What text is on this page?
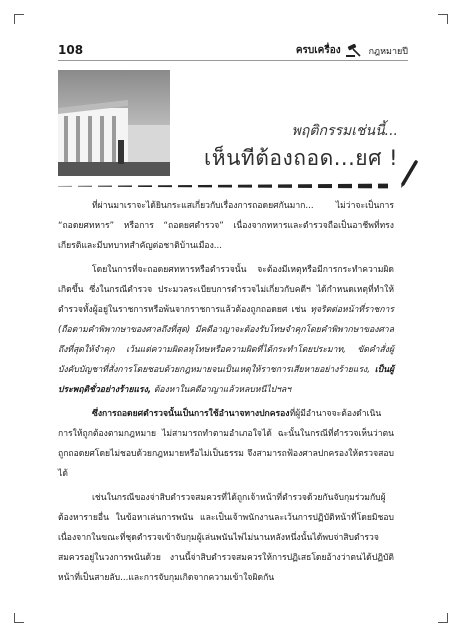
108	ครบเครื่อง	กฎหมายปี
พฤติกรรมเช่นนี้...
เห็นทีต้องถอด...ยศ !

ที่ผ่านมาเราจะได้ยินกระแสเกี่ยวกับเรื่องการถอดยศกันมาก... ไม่ว่าจะเป็นการ “ถอดยศทหาร” หรือการ “ถอดยศตำรวจ” เนื่องจากทหารและตำรวจถือเป็นอาชีพที่ทรงเกียรติและมีบทบาทสำคัญต่อชาติบ้านเมือง...

โดยในการที่จะถอดยศทหารหรือตำรวจนั้น จะต้องมีเหตุหรือมีการกระทำความผิดเกิดขึ้น ซึ่งในกรณีตำรวจ ประมวลระเบียบการตำรวจไม่เกี่ยวกับคดีฯ ได้กำหนดเหตุที่ทำให้ตำรวจทั้งผู้อยู่ในราชการหรือพ้นจากราชการแล้วต้องถูกถอดยศ เช่น ทุจริตต่อหน้าที่ราชการ (ถือตามคำพิพากษาของศาลถึงที่สุด) มีคดีอาญาจะต้องรับโทษจำคุกโดยคำพิพากษาของศาลถึงที่สุดให้จำคุก เว้นแต่ความผิดลหุโทษหรือความผิดที่ได้กระทำโดยประมาท, ขัดคำสั่งผู้บังคับบัญชาที่สั่งการโดยชอบด้วยกฎหมายจนเป็นเหตุให้ราชการเสียหายอย่างร้ายแรง, เป็นผู้ประพฤติชั่วอย่างร้ายแรง, ต้องหาในคดีอาญาแล้วหลบหนีไปฯลฯ

ซึ่งการถอดยศตำรวจนั้นเป็นการใช้อำนาจทางปกครองที่ผู้มีอำนาจจะต้องดำเนินการให้ถูกต้องตามกฎหมาย ไม่สามารถทำตามอำเภอใจได้ ฉะนั้นในกรณีที่ตำรวจเห็นว่าตนถูกถอดยศโดยไม่ชอบด้วยกฎหมายหรือไม่เป็นธรรม จึงสามารถฟ้องศาลปกครองให้ตรวจสอบได้

เช่นในกรณีของจ่าสิบตำรวจสมควรที่ได้ถูกเจ้าหน้าที่ตำรวจด้วยกันจับกุมร่วมกับผู้ต้องหารายอื่น ในข้อหาเล่นการพนัน และเป็นเจ้าพนักงานละเว้นการปฏิบัติหน้าที่โดยมิชอบ เนื่องจากในขณะที่ชุดตำรวจเข้าจับกุมผู้เล่นพนันไพ่ไม่นานหลังหนึ่งนั้นได้พบจ่าสิบตำรวจสมควรอยู่ในวงการพนันด้วย งานนี้จ่าสิบตำรวจสมควรให้การปฏิเสธโดยอ้างว่าตนได้ปฏิบัติหน้าที่เป็นสายลับ...และการจับกุมเกิดจากความเข้าใจผิดกัน
